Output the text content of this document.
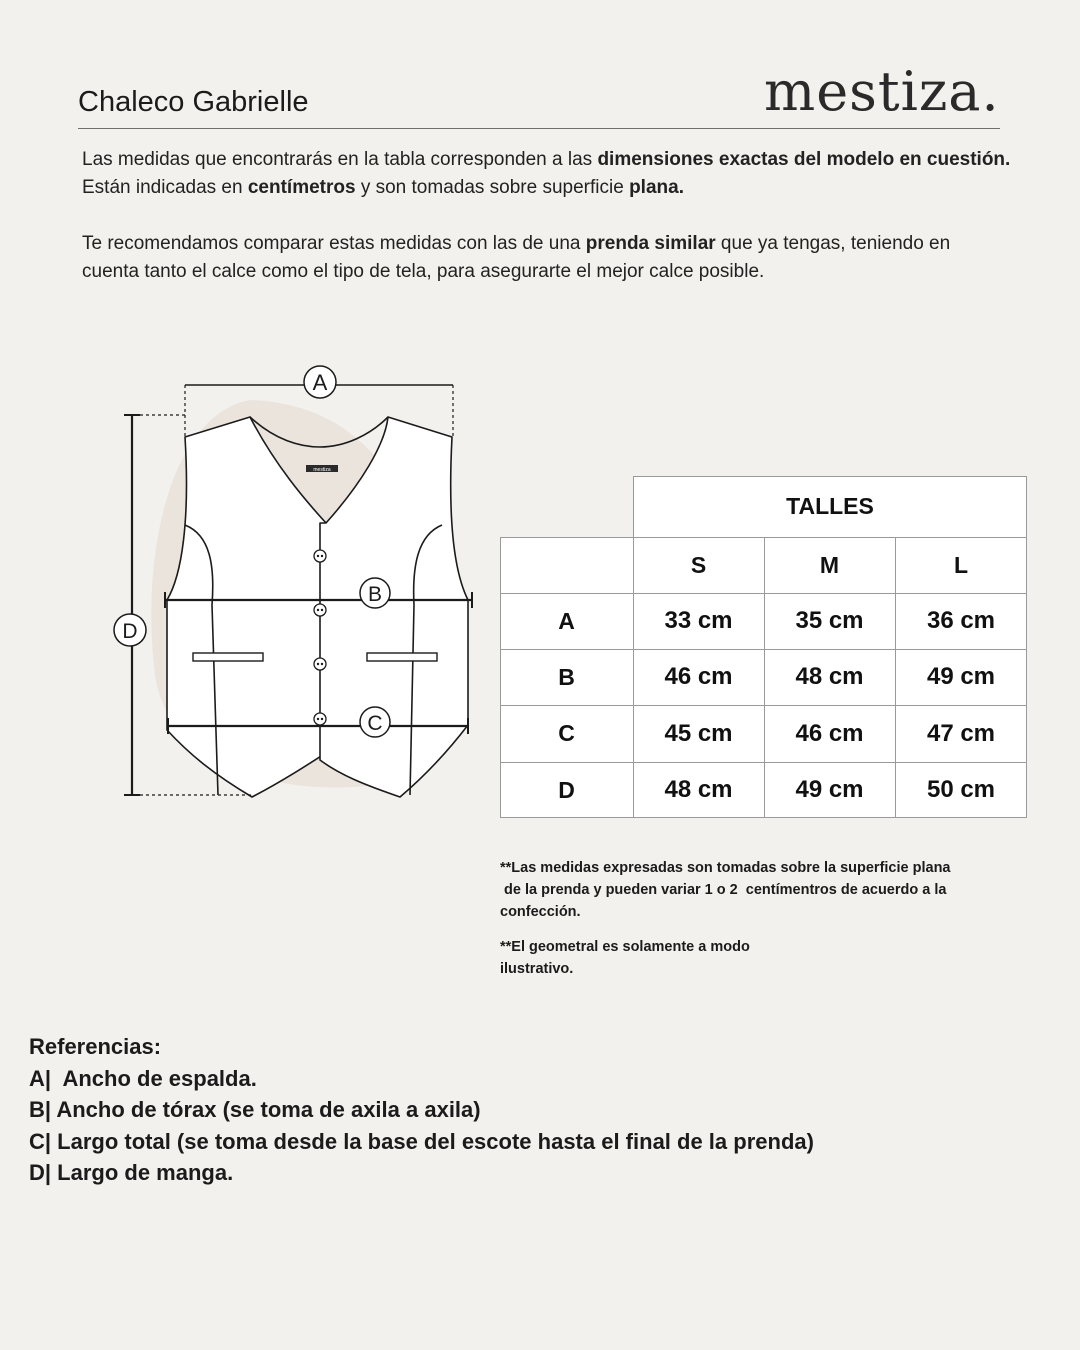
Chaleco Gabrielle	mestiza.
Las medidas que encontrarás en la tabla corresponden a las dimensiones exactas del modelo en cuestión. Están indicadas en centímetros y son tomadas sobre superficie plana.
Te recomendamos comparar estas medidas con las de una prenda similar que ya tengas, teniendo en cuenta tanto el calce como el tipo de tela, para asegurarte el mejor calce posible.
mestiza
A
B
C
D
TALLES
S	M	L
A	33 cm	35 cm	36 cm
B	46 cm	48 cm	49 cm
C	45 cm	46 cm	47 cm
D	48 cm	49 cm	50 cm
**Las medidas expresadas son tomadas sobre la superficie plana
de la prenda y pueden variar 1 o 2  centímentros de acuerdo a la
confección.
**El geometral es solamente a modo
ilustrativo.
Referencias:
A|  Ancho de espalda.
B| Ancho de tórax (se toma de axila a axila)
C| Largo total (se toma desde la base del escote hasta el final de la prenda)
D| Largo de manga.
